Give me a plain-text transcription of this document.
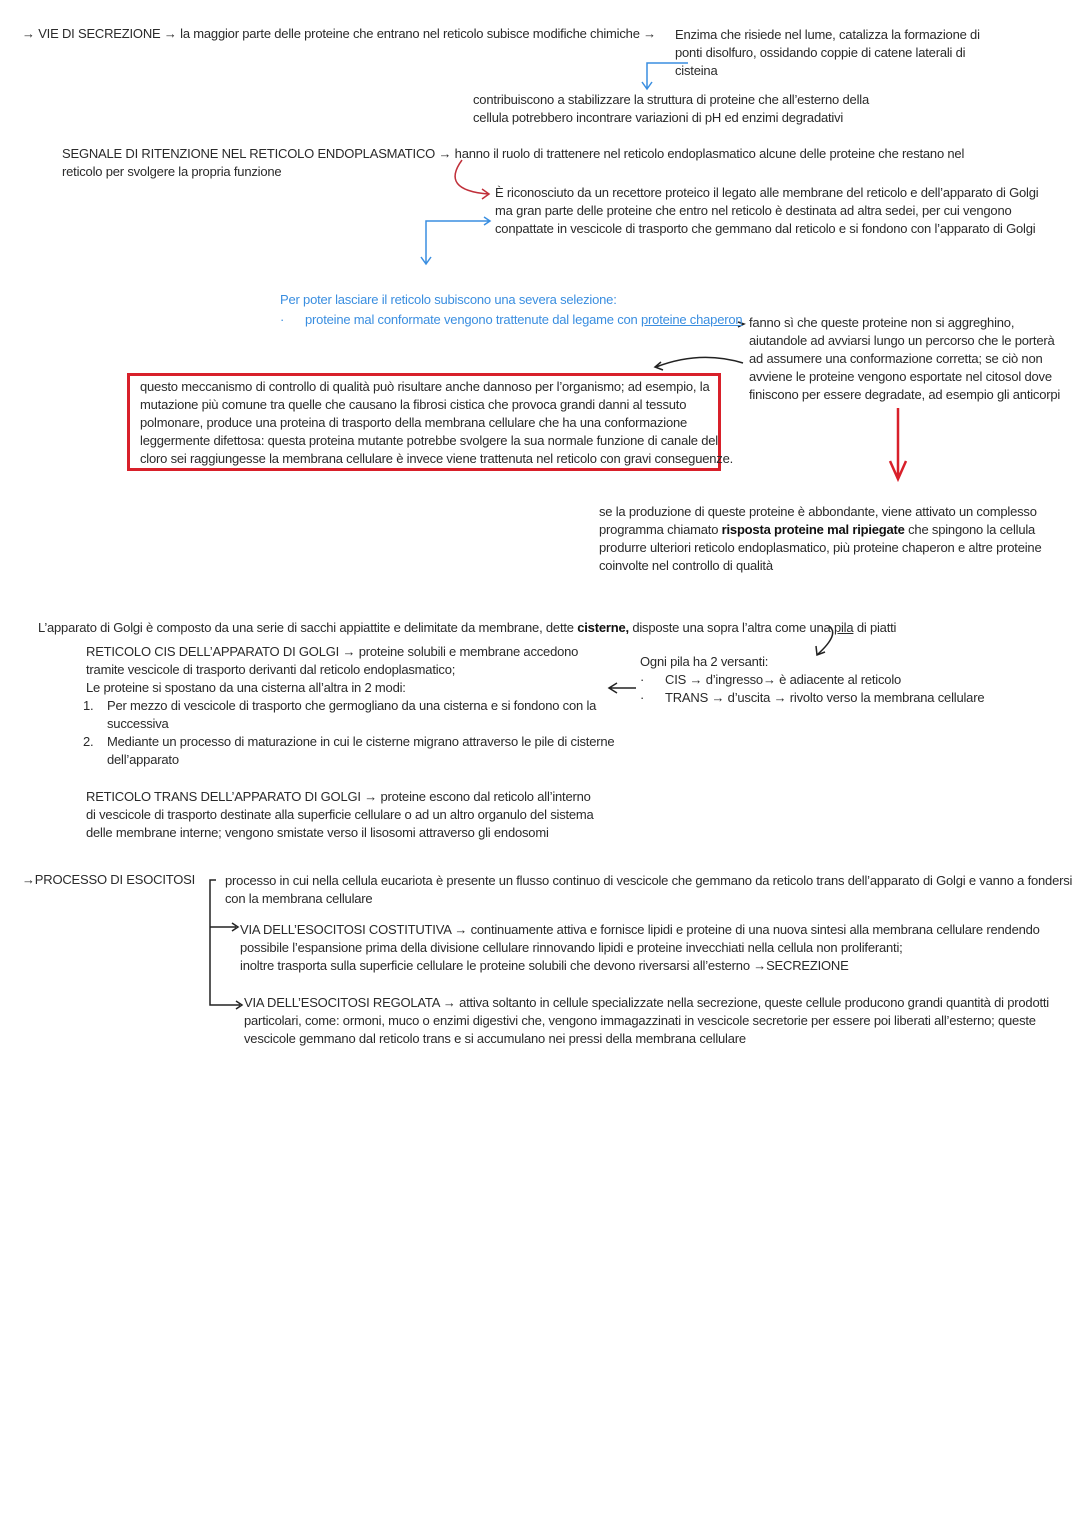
→ VIE DI SECREZIONE → la maggior parte delle proteine che entrano nel reticolo subisce modifiche chimiche → Enzima che risiede nel lume, catalizza la formazione di
ponti disolfuro, ossidando coppie di catene laterali di
cisteina
contribuiscono a stabilizzare la struttura di proteine che all’esterno della
cellula potrebbero incontrare variazioni di pH ed enzimi degradativi
SEGNALE DI RITENZIONE NEL RETICOLO ENDOPLASMATICO → hanno il ruolo di trattenere nel reticolo endoplasmatico alcune delle proteine che restano nel
reticolo per svolgere la propria funzione
È riconosciuto da un recettore proteico il legato alle membrane del reticolo e dell’apparato di Golgi
ma gran parte delle proteine che entro nel reticolo è destinata ad altra sedei, per cui vengono
conpattate in vescicole di trasporto che gemmano dal reticolo e si fondono con l’apparato di Golgi
Per poter lasciare il reticolo subiscono una severa selezione:
· proteine mal conformate vengono trattenute dal legame con proteine chaperon fanno sì che queste proteine non si aggreghino,
aiutandole ad avviarsi lungo un percorso che le porterà
ad assumere una conformazione corretta; se ciò non
avviene le proteine vengono esportate nel citosol dove
finiscono per essere degradate, ad esempio gli anticorpi
questo meccanismo di controllo di qualità può risultare anche dannoso per l’organismo; ad esempio, la
mutazione più comune tra quelle che causano la fibrosi cistica che provoca grandi danni al tessuto
polmonare, produce una proteina di trasporto della membrana cellulare che ha una conformazione
leggermente difettosa: questa proteina mutante potrebbe svolgere la sua normale funzione di canale del
cloro sei raggiungesse la membrana cellulare è invece viene trattenuta nel reticolo con gravi conseguenze.
se la produzione di queste proteine è abbondante, viene attivato un complesso
programma chiamato risposta proteine mal ripiegate che spingono la cellula
produrre ulteriori reticolo endoplasmatico, più proteine chaperon e altre proteine
coinvolte nel controllo di qualità
L’apparato di Golgi è composto da una serie di sacchi appiattite e delimitate da membrane, dette cisterne, disposte una sopra l’altra come una pila di piatti
RETICOLO CIS DELL’APPARATO DI GOLGI → proteine solubili e membrane accedono
tramite vescicole di trasporto derivanti dal reticolo endoplasmatico;
Le proteine si spostano da una cisterna all’altra in 2 modi:
1. Per mezzo di vescicole di trasporto che germogliano da una cisterna e si fondono con la
successiva
2. Mediante un processo di maturazione in cui le cisterne migrano attraverso le pile di cisterne
dell’apparato
Ogni pila ha 2 versanti:
· CIS → d’ingresso→ è adiacente al reticolo
· TRANS → d’uscita → rivolto verso la membrana cellulare
RETICOLO TRANS DELL’APPARATO DI GOLGI → proteine escono dal reticolo all’interno
di vescicole di trasporto destinate alla superficie cellulare o ad un altro organulo del sistema
delle membrane interne; vengono smistate verso il lisosomi attraverso gli endosomi
→PROCESSO DI ESOCITOSI processo in cui nella cellula eucariota è presente un flusso continuo di vescicole che gemmano da reticolo trans dell’apparato di Golgi e vanno a fondersi
con la membrana cellulare
VIA DELL’ESOCITOSI COSTITUTIVA → continuamente attiva e fornisce lipidi e proteine di una nuova sintesi alla membrana cellulare rendendo
possibile l’espansione prima della divisione cellulare rinnovando lipidi e proteine invecchiati nella cellula non proliferanti;
inoltre trasporta sulla superficie cellulare le proteine solubili che devono riversarsi all’esterno →SECREZIONE
VIA DELL’ESOCITOSI REGOLATA → attiva soltanto in cellule specializzate nella secrezione, queste cellule producono grandi quantità di prodotti
particolari, come: ormoni, muco o enzimi digestivi che, vengono immagazzinati in vescicole secretorie per essere poi liberati all’esterno; queste
vescicole gemmano dal reticolo trans e si accumulano nei pressi della membrana cellulare
